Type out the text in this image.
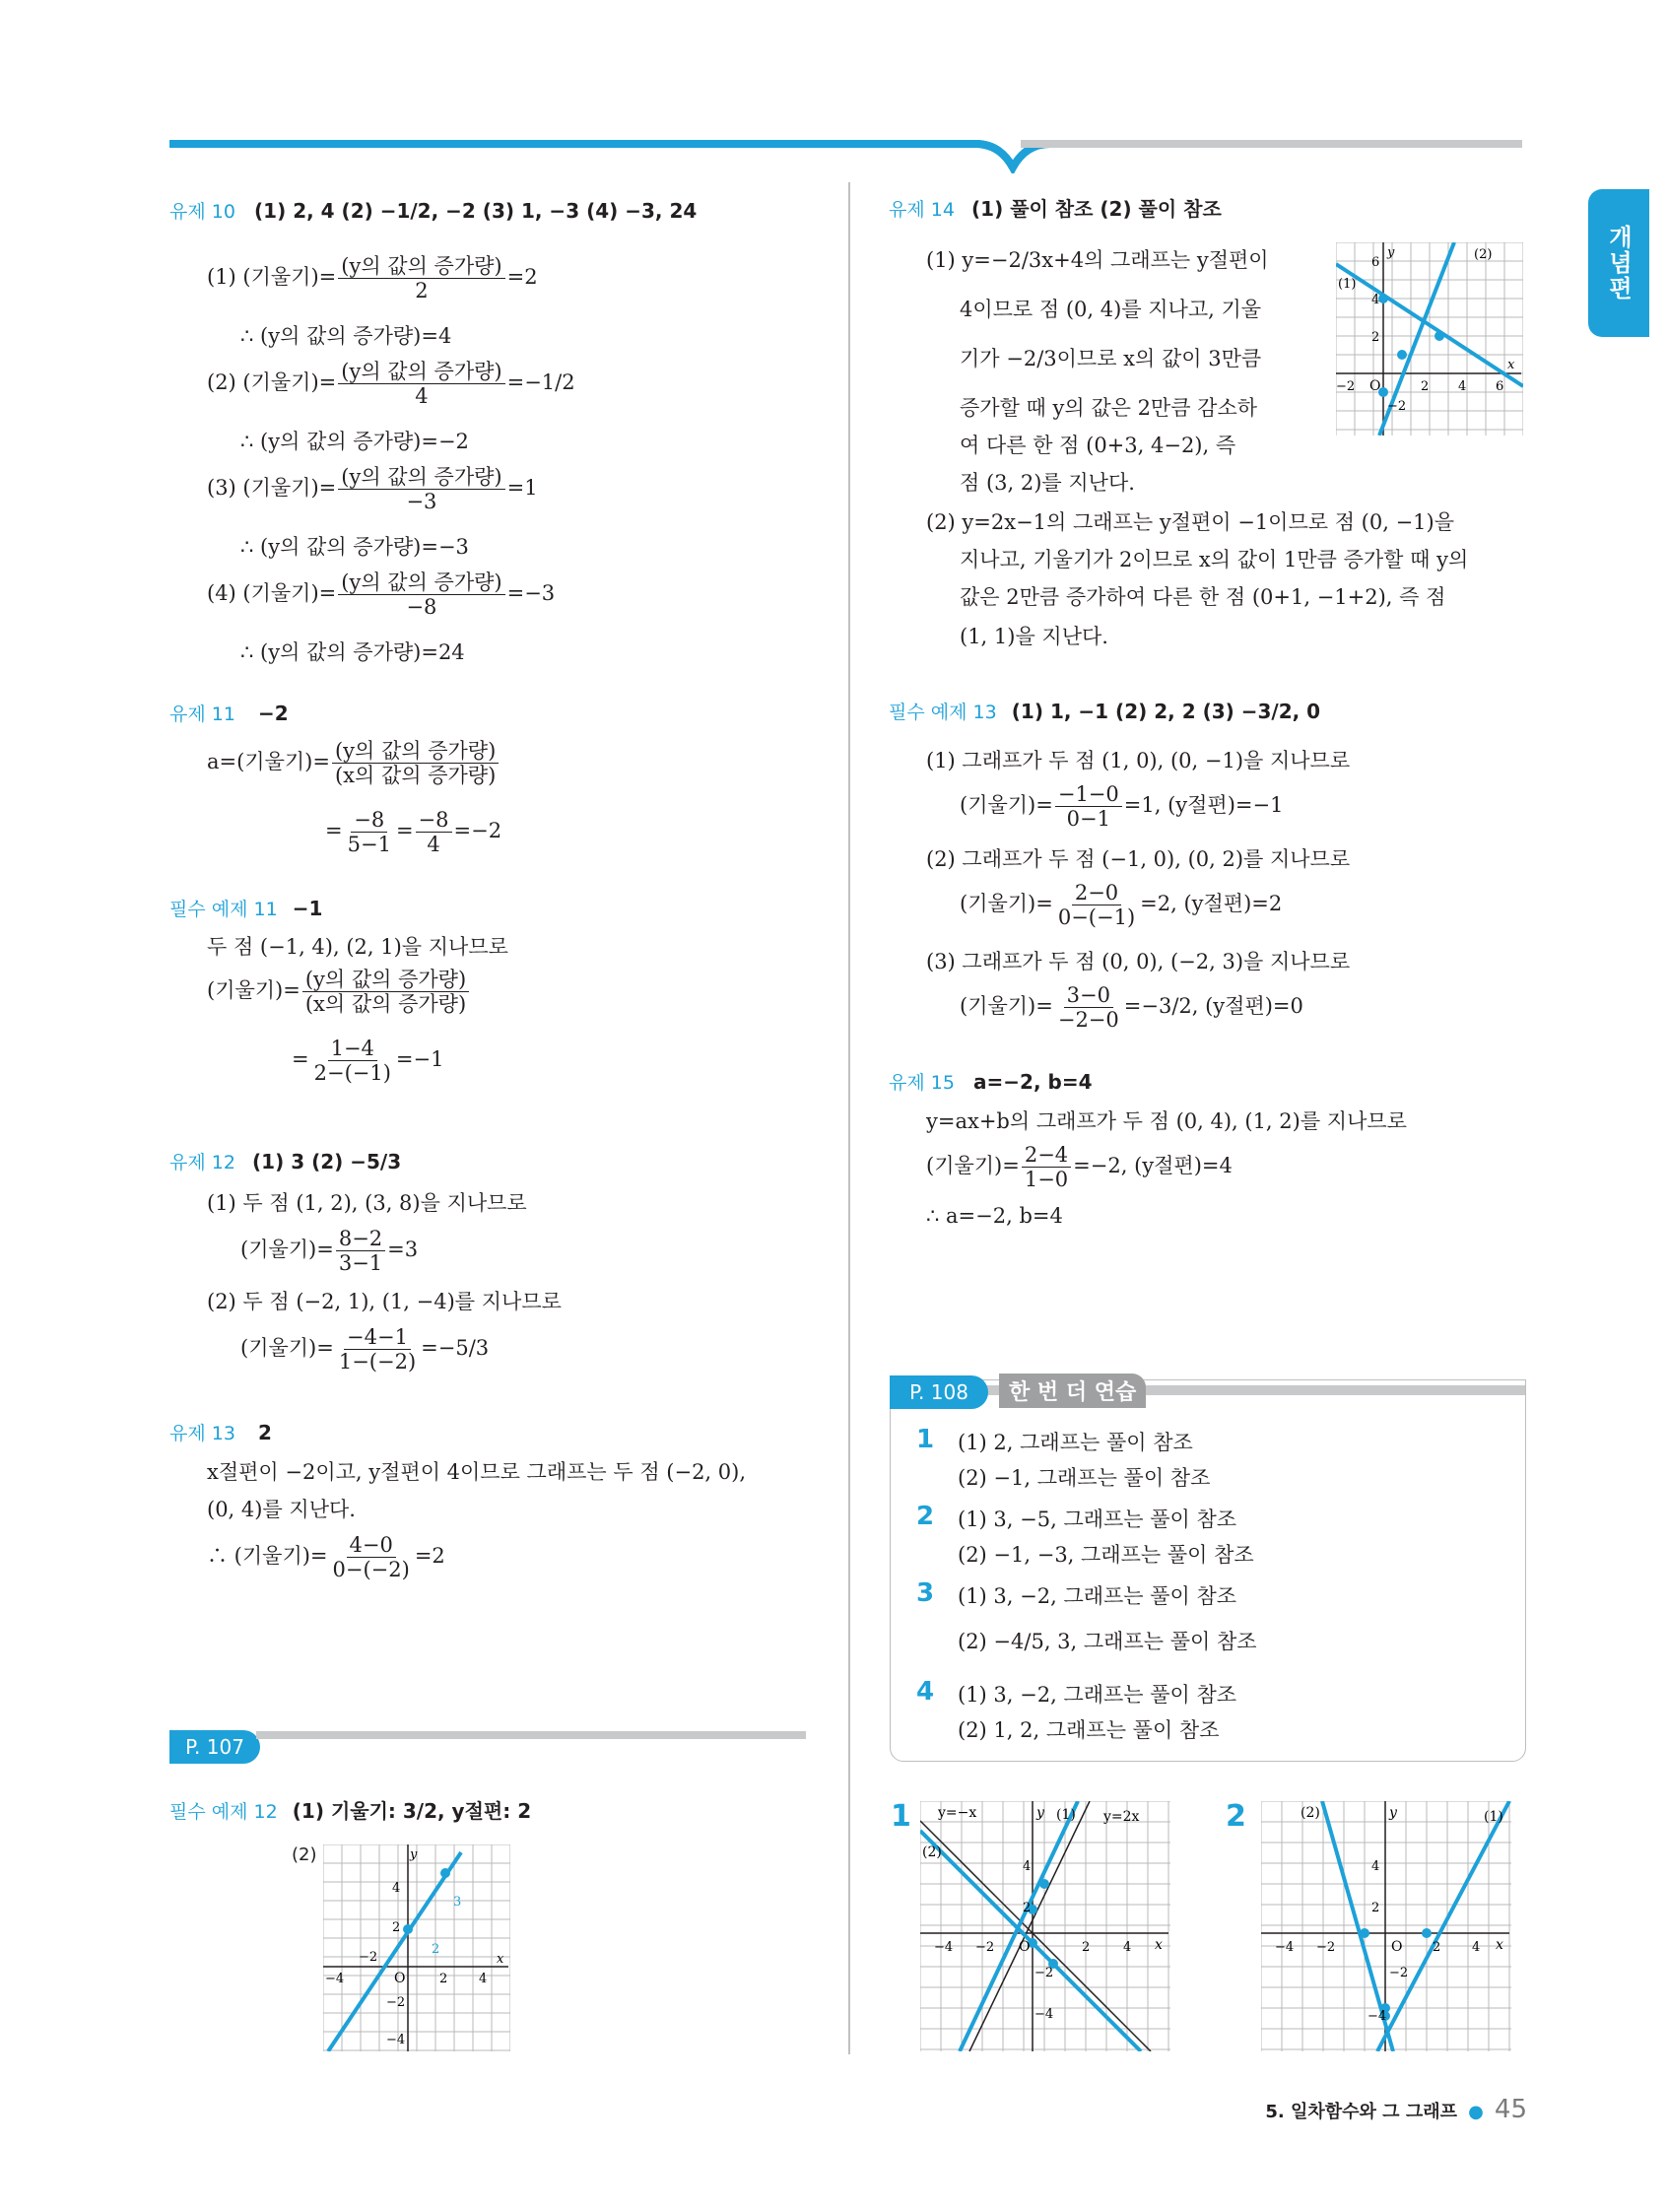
개념편
유제 10 (1) 2, 4 (2) −1/2, −2 (3) 1, −3 (4) −3, 24
(1) (기울기)= $\frac{\text{(y의 값의 증가량)}}{2} =2$
∴ (y의 값의 증가량)=4
(2) (기울기)= $\frac{\text{(y의 값의 증가량)}}{4} =-1/2$
∴ (y의 값의 증가량)=−2
(3) (기울기)= $\frac{\text{(y의 값의 증가량)}}{-3} =1$
∴ (y의 값의 증가량)=−3
(4) (기울기)= $\frac{\text{(y의 값의 증가량)}}{-8} =-3$
∴ (y의 값의 증가량)=24
유제 11 −2
a=(기울기)= $\frac{\text{(y의 값의 증가량)}}{\text{(x의 값의 증가량)}}$
= $\frac{-8}{5-1} = \frac{-8}{4} =-2$
필수 예제 11 −1
두 점 (−1, 4), (2, 1)을 지나므로
(기울기)= $\frac{\text{(y의 값의 증가량)}}{\text{(x의 값의 증가량)}}$
= $\frac{1-4}{2-(-1)} =-1$
유제 12 (1) 3 (2) −5/3
(1) 두 점 (1, 2), (3, 8)을 지나므로
(기울기)= $\frac{8-2}{3-1} =3$
(2) 두 점 (−2, 1), (1, −4)를 지나므로
(기울기)= $\frac{-4-1}{1-(-2)} =-5/3$
유제 13 2
x절편이 −2이고, y절편이 4이므로 그래프는 두 점 (−2, 0),
(0, 4)를 지난다.
∴ (기울기)= $\frac{4-0}{0-(-2)} =2$
P. 107
필수 예제 12 (1) 기울기: 3/2, y절편: 2
(2)	y
x
O
2
3
4
2
−2
−4	2 4
−2
−4
유제 14 (1) 풀이 참조 (2) 풀이 참조
(1) y=−2/3x+4의 그래프는 y절편이
4이므로 점 (0, 4)를 지나고, 기울
기가 −2/3이므로 x의 값이 3만큼
증가할 때 y의 값은 2만큼 감소하
여 다른 한 점 (0+3, 4−2), 즉
점 (3, 2)를 지난다.
(2) y=2x−1의 그래프는 y절편이 −1이므로 점 (0, −1)을
지나고, 기울기가 2이므로 x의 값이 1만큼 증가할 때 y의
값은 2만큼 증가하여 다른 한 점 (0+1, −1+2), 즉 점
(1, 1)을 지난다.
(1)
(2)
y
x
O
6
4
2
−2	2 4 6
−2
필수 예제 13 (1) 1, −1 (2) 2, 2 (3) −3/2, 0
(1) 그래프가 두 점 (1, 0), (0, −1)을 지나므로
(기울기)= $\frac{-1-0}{0-1} =1$, (y절편)=−1
(2) 그래프가 두 점 (−1, 0), (0, 2)를 지나므로
(기울기)= $\frac{2-0}{0-(-1)} =2$, (y절편)=2
(3) 그래프가 두 점 (0, 0), (−2, 3)을 지나므로
(기울기)= $\frac{3-0}{-2-0} =-3/2$, (y절편)=0
유제 15 a=−2, b=4
y=ax+b의 그래프가 두 점 (0, 4), (1, 2)를 지나므로
(기울기)= $\frac{2-4}{1-0} =-2$, (y절편)=4
∴ a=−2, b=4
P. 108	한 번 더 연습
1 (1) 2, 그래프는 풀이 참조
(2) −1, 그래프는 풀이 참조
2 (1) 3, −5, 그래프는 풀이 참조
(2) −1, −3, 그래프는 풀이 참조
3 (1) 3, −2, 그래프는 풀이 참조
(2) −4/5, 3, 그래프는 풀이 참조
4 (1) 3, −2, 그래프는 풀이 참조
(2) 1, 2, 그래프는 풀이 참조
1 y=−x	y=2x
(1)
(2)
y
x
4
2
−4 −2 O	2	4
−2
−4
2	(2)	(1)
y
x
4
2
−4 −2	O 2 4
−2
−4
5. 일차함수와 그 그래프 ● 45
